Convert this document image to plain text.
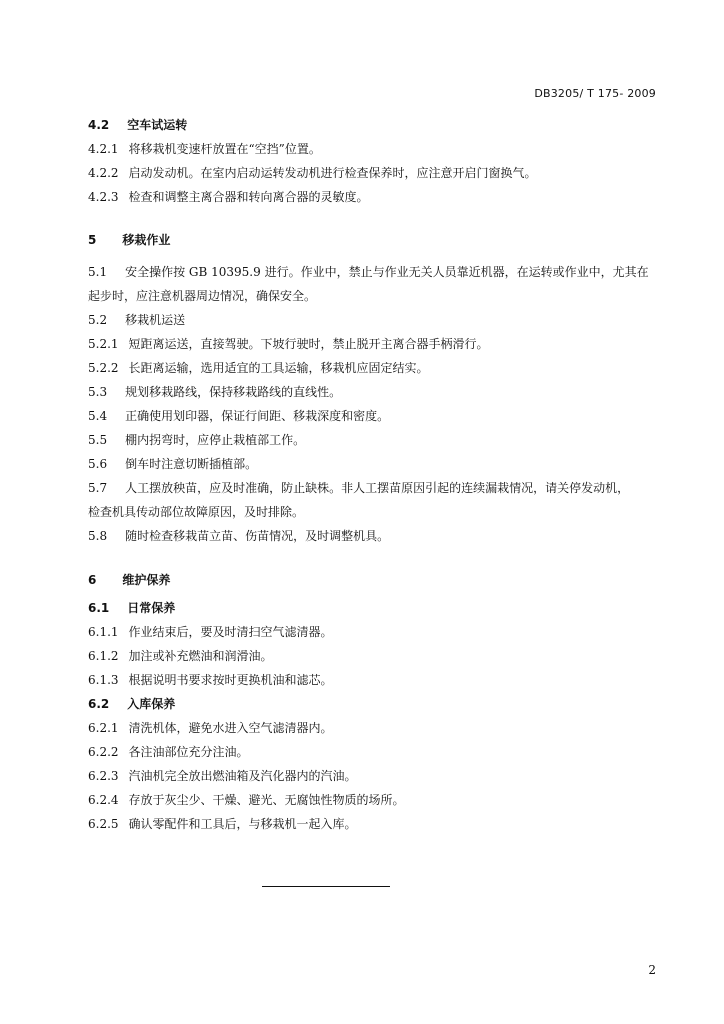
DB3205/ T 175- 2009
4.2 空车试运转
4.2.1 将移栽机变速杆放置在“空挡”位置。
4.2.2 启动发动机。在室内启动运转发动机进行检查保养时，应注意开启门窗换气。
4.2.3 检查和调整主离合器和转向离合器的灵敏度。
5 移栽作业
5.1 安全操作按 GB 10395.9 进行。作业中，禁止与作业无关人员靠近机器，在运转或作业中，尤其在
起步时，应注意机器周边情况，确保安全。
5.2 移栽机运送
5.2.1 短距离运送，直接驾驶。下坡行驶时，禁止脱开主离合器手柄滑行。
5.2.2 长距离运输，选用适宜的工具运输，移栽机应固定结实。
5.3 规划移栽路线，保持移栽路线的直线性。
5.4 正确使用划印器，保证行间距、移栽深度和密度。
5.5 棚内拐弯时，应停止栽植部工作。
5.6 倒车时注意切断插植部。
5.7 人工摆放秧苗，应及时准确，防止缺株。非人工摆苗原因引起的连续漏栽情况，请关停发动机，
检查机具传动部位故障原因，及时排除。
5.8 随时检查移栽苗立苗、伤苗情况，及时调整机具。
6 维护保养
6.1 日常保养
6.1.1 作业结束后，要及时清扫空气滤清器。
6.1.2 加注或补充燃油和润滑油。
6.1.3 根据说明书要求按时更换机油和滤芯。
6.2 入库保养
6.2.1 清洗机体，避免水进入空气滤清器内。
6.2.2 各注油部位充分注油。
6.2.3 汽油机完全放出燃油箱及汽化器内的汽油。
6.2.4 存放于灰尘少、干燥、避光、无腐蚀性物质的场所。
6.2.5 确认零配件和工具后，与移栽机一起入库。
2
